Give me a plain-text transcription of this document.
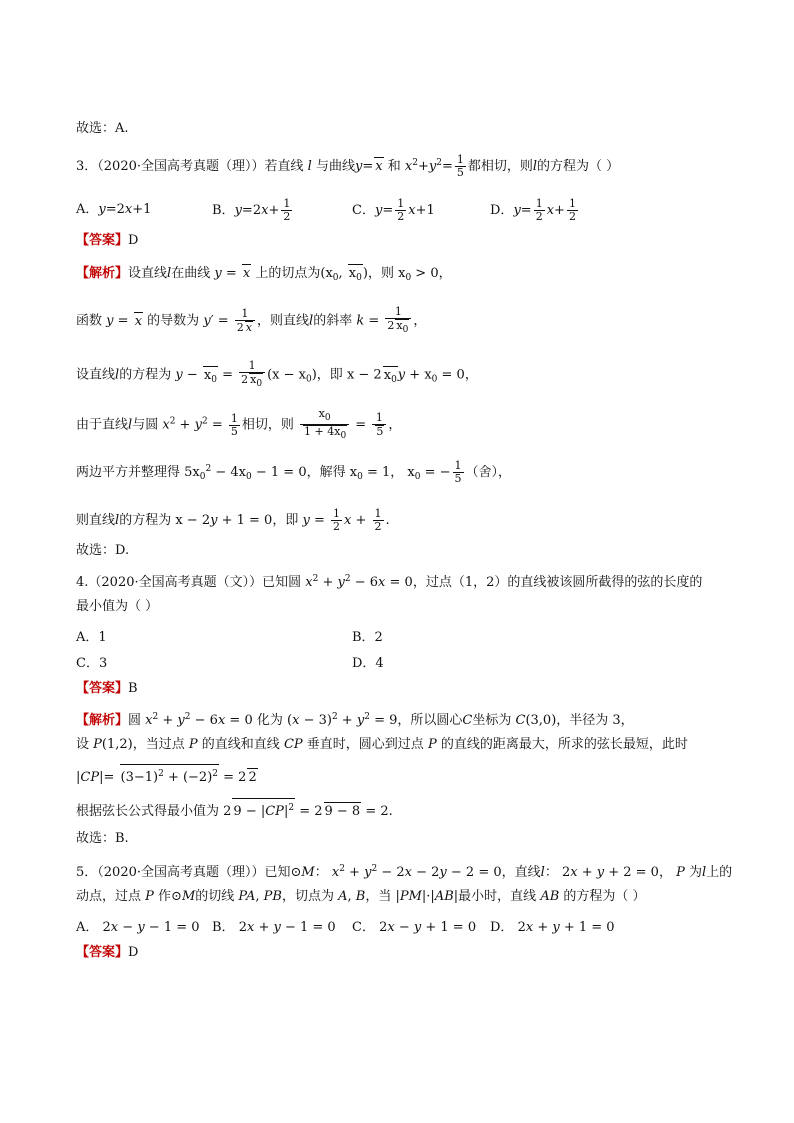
故选：A.
3．（2020·全国高考真题（理））若直线 l 与曲线y= x 和 $x^2+y^2= \frac{1}{5}$ 都相切，则l的方程为（ ）
A．y=2x+1	B．$y=2x+ \frac{1}{2}$	C．$y= \frac{1}{2} x+1$	D．$y= \frac{1}{2} x+ \frac{1}{2}$
【答案】D
【解析】设直线l在曲线 y = x 上的切点为($x_0$, $x_0$)，则 $x_0 > 0$，
函数 y = x 的导数为 $y' = \frac{1}{2 x}$ ，则直线l的斜率 $k = \frac{1}{2 x_0}$ ，
设直线l的方程为 $y - x_0 = \frac{1}{2 x_0} (x - x_0)$，即 x − 2 $x_0y + x_0 = 0$，
由于直线l与圆 $x^2 + y^2 = \frac{1}{5}$ 相切，则 $\frac{x_0}{1 + 4x_0} = \frac{1}{5}$ ，
两边平方并整理得 $5x_0^2 - 4x_0 - 1 = 0$，解得 $x_0 = 1$， $x_0$ = − $\frac{1}{5}$ （舍），
则直线l的方程为 x − 2y + 1 = 0，即 $y = \frac{1}{2}$ $x + \frac{1}{2}$ .
故选：D.
4.（2020·全国高考真题（文））已知圆 $x^2 + y^2 - 6x = 0$，过点（1，2）的直线被该圆所截得的弦的长度的
最小值为（ ）
A．1	B．2
C．3	D．4
【答案】B
【解析】圆 $x^2 + y^2 - 6x = 0$ 化为 $(x - 3)^2 + y^2 = 9$，所以圆心C坐标为 C(3,0)，半径为 3，
设 P(1,2)，当过点 P 的直线和直线 CP 垂直时，圆心到过点 P 的直线的距离最大，所求的弦长最短，此时
$|CP|= (3-1)^2 + (-2)^2 = 2$ 2
根据弦长公式得最小值为 2 $9 - |CP|^2 = 2$ 9 − 8 = 2.
故选：B.
5．（2020·全国高考真题（理））已知⊙M： $x^2 + y^2 - 2x - 2y - 2 = 0$，直线l： 2x + y + 2 = 0， P 为l上的
动点，过点 P 作⊙M的切线 PA, PB，切点为 A, B，当 |PM|·|AB|最小时，直线 AB 的方程为（ ）
A． 2x − y − 1 = 0 B． 2x + y − 1 = 0 C． 2x − y + 1 = 0 D． 2x + y + 1 = 0
【答案】D
